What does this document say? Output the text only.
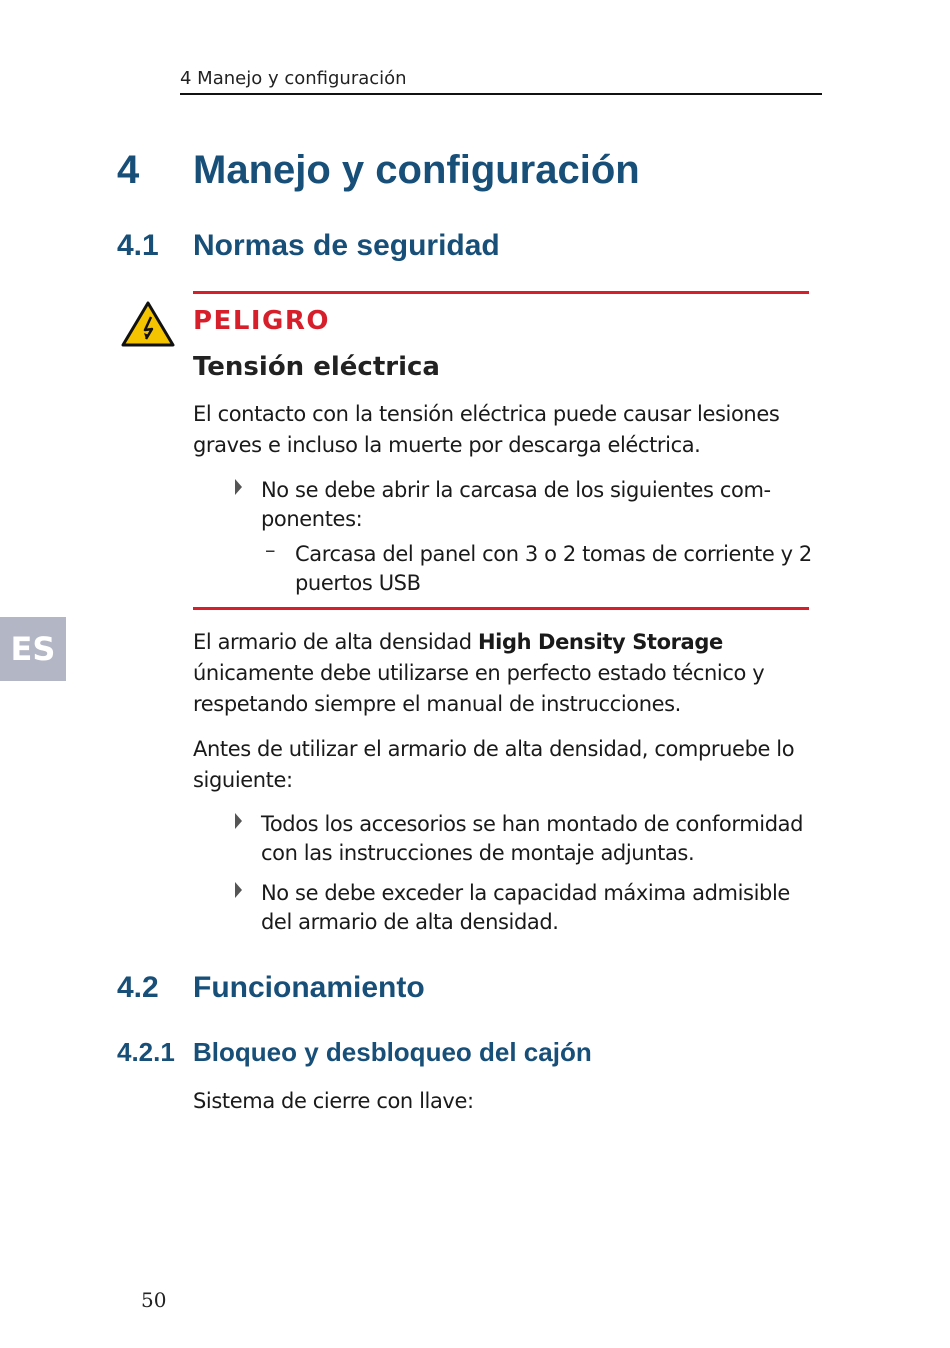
4 Manejo y configuración
4 Manejo y configuración
4.1 Normas de seguridad
PELIGRO
Tensión eléctrica
El contacto con la tensión eléctrica puede causar lesiones graves e incluso la muerte por descarga eléctrica.
No se debe abrir la carcasa de los siguientes com-ponentes:
– Carcasa del panel con 3 o 2 tomas de corriente y 2 puertos USB
ES	El armario de alta densidad High Density Storage únicamente debe utilizarse en perfecto estado técnico y respetando siempre el manual de instrucciones.
Antes de utilizar el armario de alta densidad, compruebe lo siguiente:
Todos los accesorios se han montado de conformidad con las instrucciones de montaje adjuntas.
No se debe exceder la capacidad máxima admisible del armario de alta densidad.
4.2 Funcionamiento
4.2.1 Bloqueo y desbloqueo del cajón
Sistema de cierre con llave:
50
